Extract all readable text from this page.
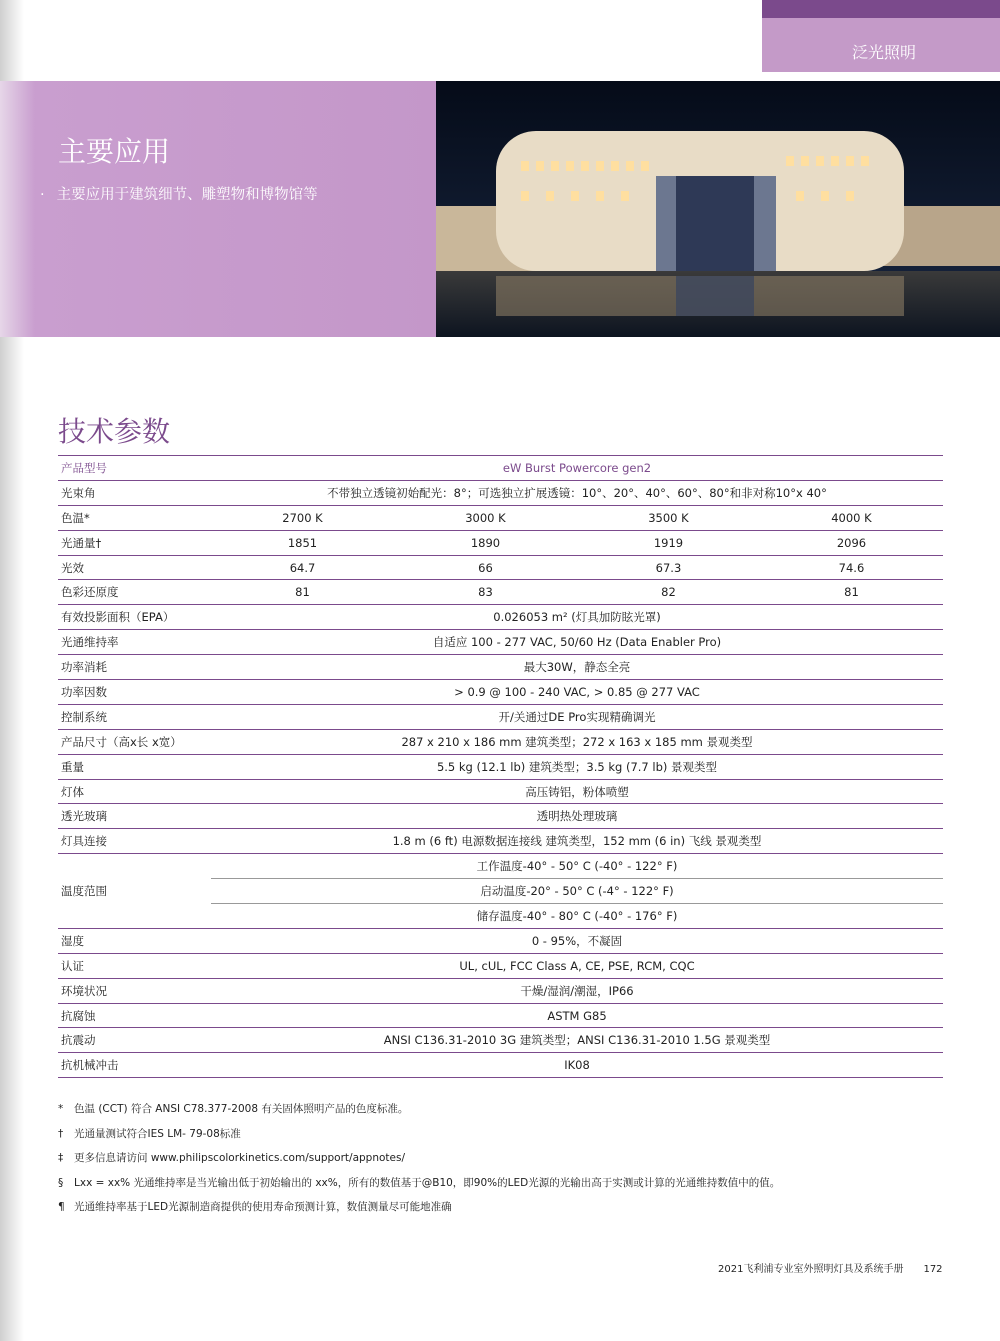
泛光照明
主要应用
· 主要应用于建筑细节、雕塑物和博物馆等
技术参数
产品型号	eW Burst Powercore gen2			
光束角	不带独立透镜初始配光：8°；可选独立扩展透镜：10°、20°、40°、60°、80°和非对称10°x 40°			
色温*	2700 K	3000 K	3500 K	4000 K
光通量†	1851	1890	1919	2096
光效	64.7	66	67.3	74.6
色彩还原度	81	83	82	81
有效投影面积（EPA）	0.026053 m² (灯具加防眩光罩)			
光通维持率	自适应 100 - 277 VAC, 50/60 Hz (Data Enabler Pro)			
功率消耗	最大30W，静态全亮			
功率因数	> 0.9 @ 100 - 240 VAC, > 0.85 @ 277 VAC			
控制系统	开/关通过DE Pro实现精确调光			
产品尺寸（高x长 x宽）	287 x 210 x 186 mm 建筑类型；272 x 163 x 185 mm 景观类型			
重量	5.5 kg (12.1 lb) 建筑类型；3.5 kg (7.7 lb) 景观类型			
灯体	高压铸铝，粉体喷塑			
透光玻璃	透明热处理玻璃			
灯具连接	1.8 m (6 ft) 电源数据连接线 建筑类型，152 mm (6 in) 飞线 景观类型			
温度范围	工作温度-40° - 50° C (-40° - 122° F)			
	启动温度-20° - 50° C (-4° - 122° F)			
	储存温度-40° - 80° C (-40° - 176° F)			
湿度	0 - 95%，不凝固			
认证	UL, cUL, FCC Class A, CE, PSE, RCM, CQC			
环境状况	干燥/湿润/潮湿，IP66			
抗腐蚀	ASTM G85			
抗震动	ANSI C136.31-2010 3G 建筑类型；ANSI C136.31-2010 1.5G 景观类型			
抗机械冲击	IK08			
* 色温 (CCT) 符合 ANSI C78.377-2008 有关固体照明产品的色度标准。
† 光通量测试符合IES LM- 79-08标准
‡ 更多信息请访问 www.philipscolorkinetics.com/support/appnotes/
§ Lxx = xx% 光通维持率是当光输出低于初始输出的 xx%，所有的数值基于@B10，即90%的LED光源的光输出高于实测或计算的光通维持数值中的值。
¶ 光通维持率基于LED光源制造商提供的使用寿命预测计算，数值测量尽可能地准确
2021飞利浦专业室外照明灯具及系统手册 172
